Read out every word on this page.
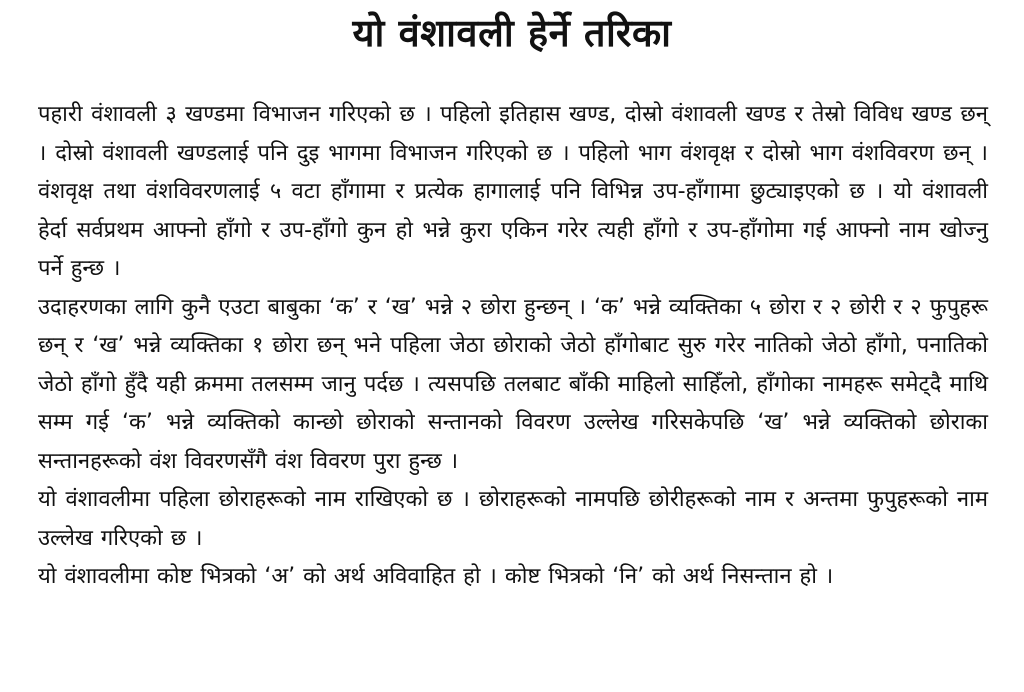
यो वंशावली हेर्ने तरिका

पहारी वंशावली ३ खण्डमा विभाजन गरिएको छ । पहिलो इतिहास खण्ड, दोस्रो वंशावली खण्ड र तेस्रो विविध खण्ड छन् । दोस्रो वंशावली खण्डलाई पनि दुइ भागमा विभाजन गरिएको छ । पहिलो भाग वंशवृक्ष र दोस्रो भाग वंशविवरण छन् । वंशवृक्ष तथा वंशविवरणलाई ५ वटा हाँगामा र प्रत्येक हागालाई पनि विभिन्न उप-हाँगामा छुट्याइएको छ । यो वंशावली हेर्दा सर्वप्रथम आफ्नो हाँगो र उप-हाँगो कुन हो भन्ने कुरा एकिन गरेर त्यही हाँगो र उप-हाँगोमा गई आफ्नो नाम खोज्नु पर्ने हुन्छ ।

उदाहरणका लागि कुनै एउटा बाबुका ‘क’ र ‘ख’ भन्ने २ छोरा हुन्छन् । ‘क’ भन्ने व्यक्तिका ५ छोरा र २ छोरी र २ फुपुहरू छन् र ‘ख’ भन्ने व्यक्तिका १ छोरा छन् भने पहिला जेठा छोराको जेठो हाँगोबाट सुरु गरेर नातिको जेठो हाँगो, पनातिको जेठो हाँगो हुँदै यही क्रममा तलसम्म जानु पर्दछ । त्यसपछि तलबाट बाँकी माहिलो साहिँलो, हाँगोका नामहरू समेट्दै माथि सम्म गई ‘क’ भन्ने व्यक्तिको कान्छो छोराको सन्तानको विवरण उल्लेख गरिसकेपछि ‘ख’ भन्ने व्यक्तिको छोराका सन्तानहरूको वंश विवरणसँगै वंश विवरण पुरा हुन्छ ।

यो वंशावलीमा पहिला छोराहरूको नाम राखिएको छ । छोराहरूको नामपछि छोरीहरूको नाम र अन्तमा फुपुहरूको नाम उल्लेख गरिएको छ ।

यो वंशावलीमा कोष्ट भित्रको ‘अ’ को अर्थ अविवाहित हो । कोष्ट भित्रको ‘नि’ को अर्थ निसन्तान हो ।
